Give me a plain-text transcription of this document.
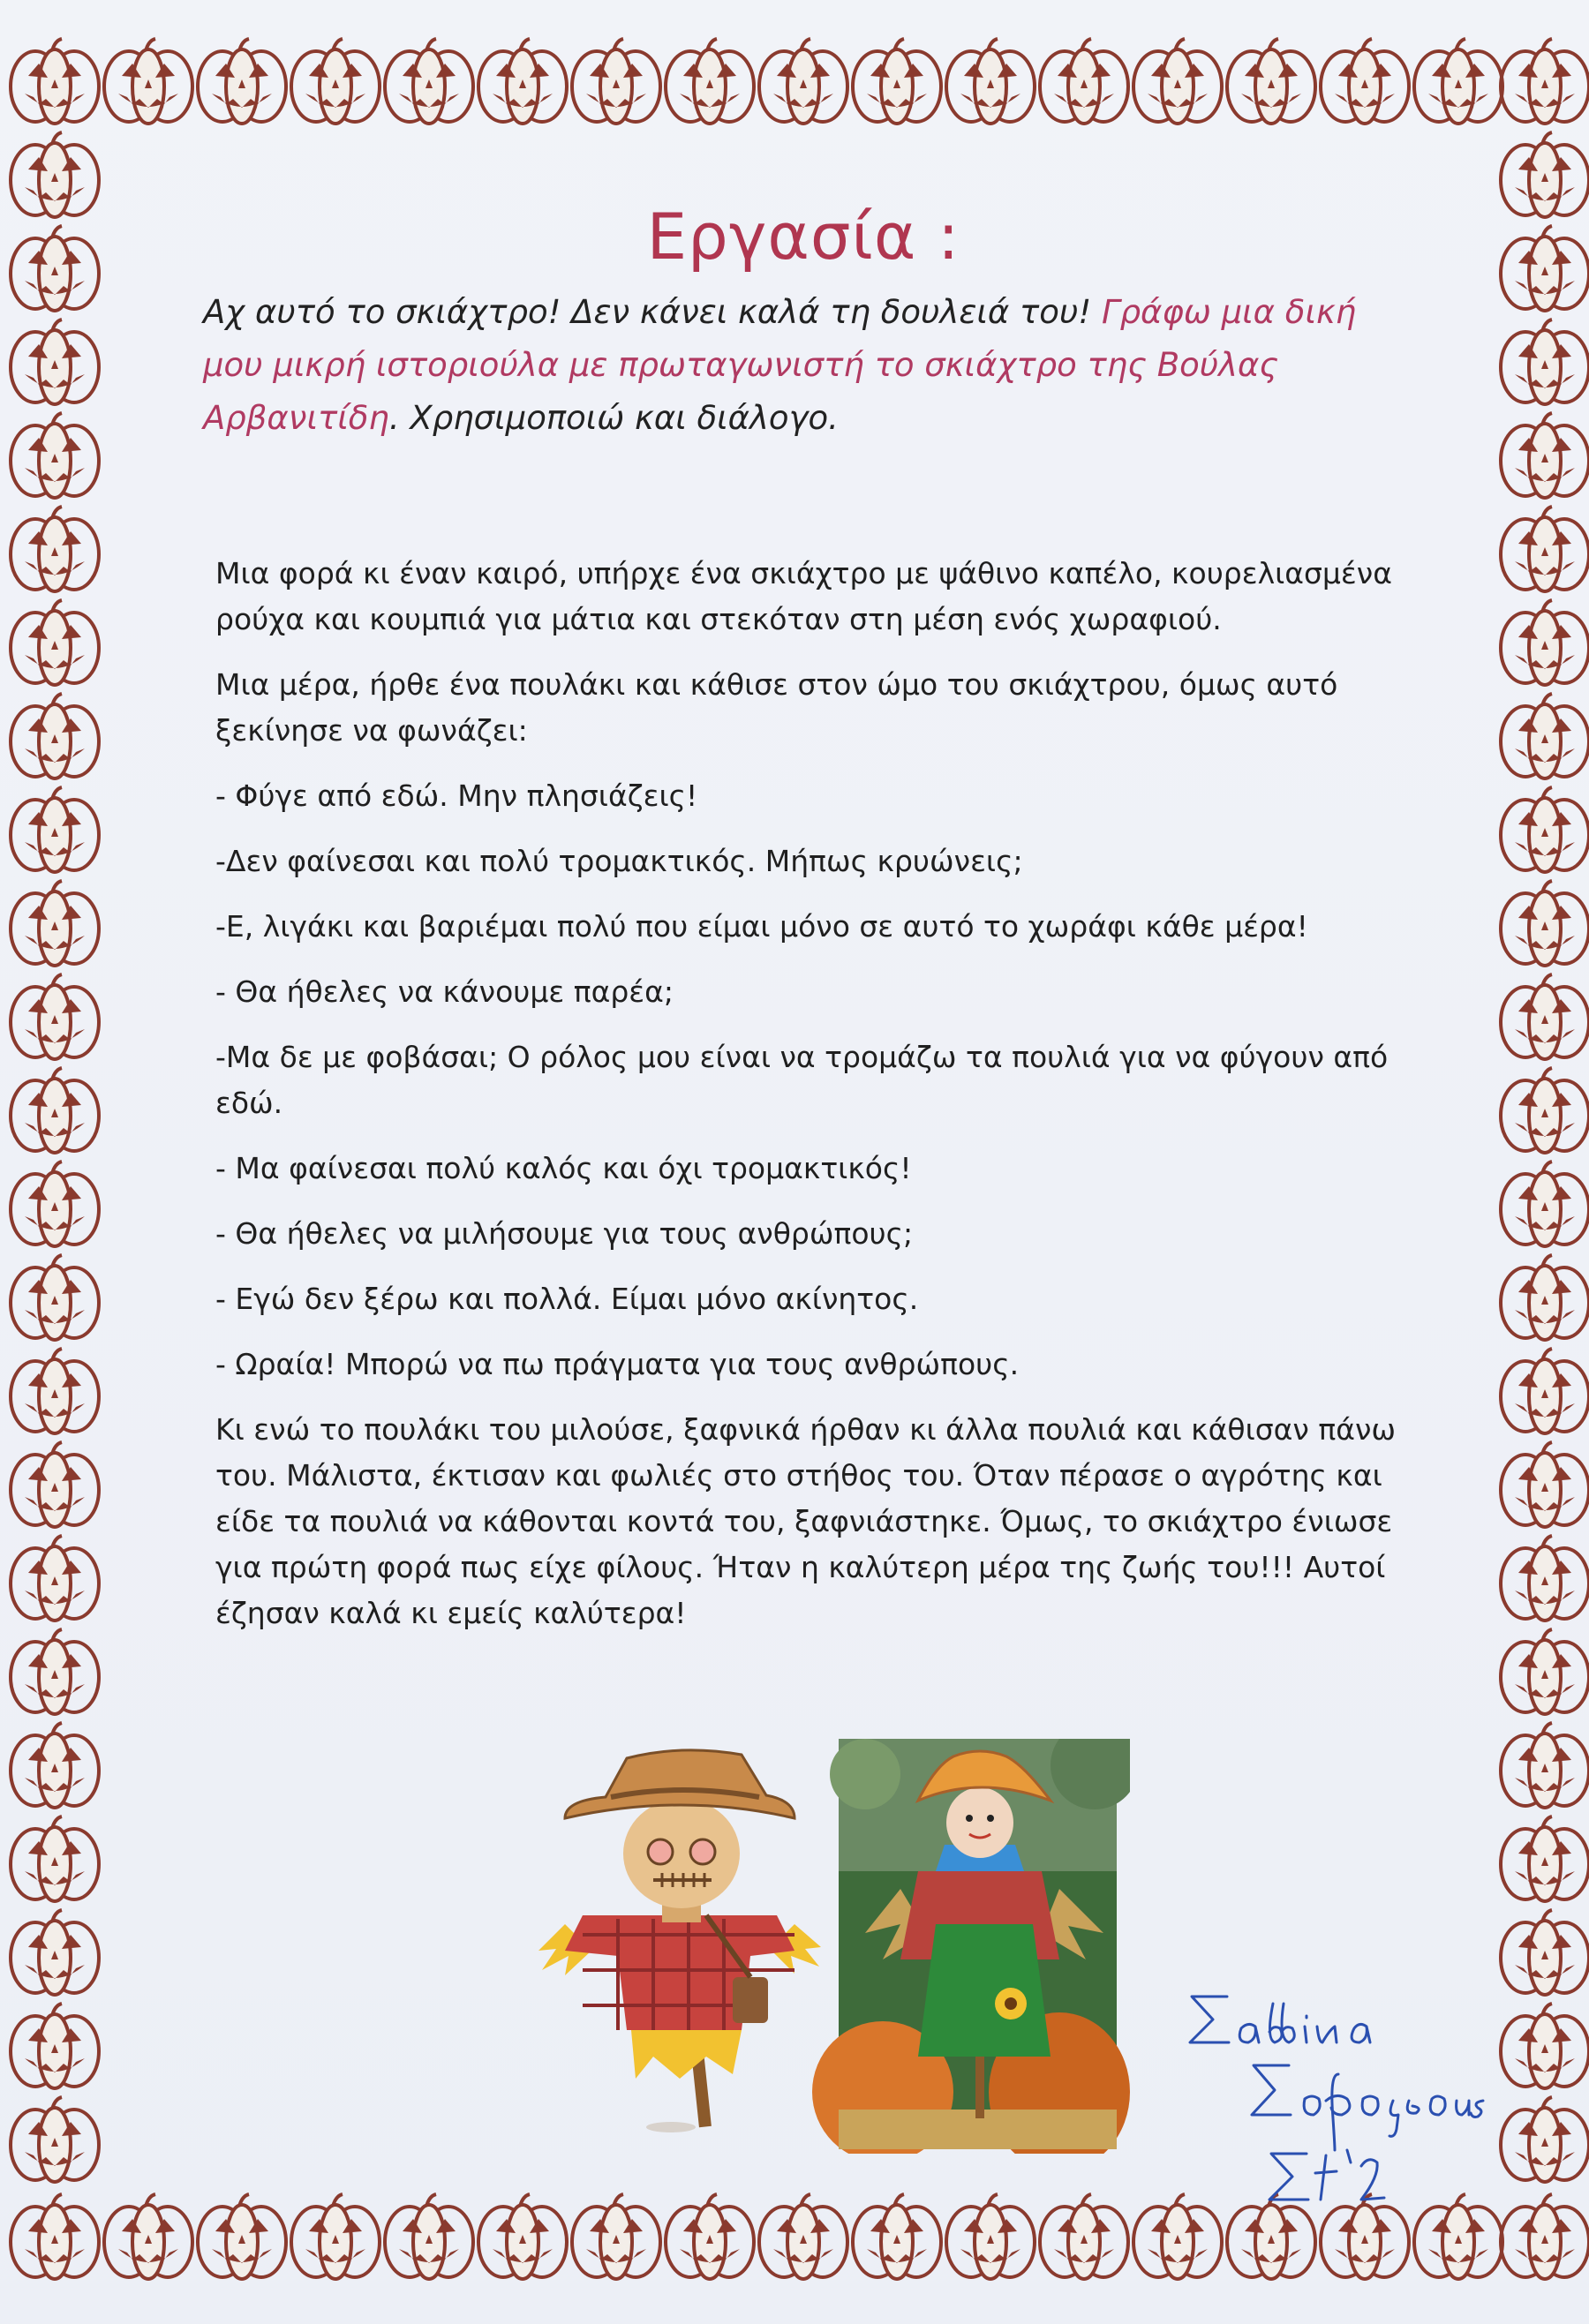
Εργασία :
Αχ αυτό το σκιάχτρο! Δεν κάνει καλά τη δουλειά του! Γράφω μια δική μου μικρή ιστοριούλα με πρωταγωνιστή το σκιάχτρο της Βούλας Αρβανιτίδη. Χρησιμοποιώ και διάλογο.

Μια φορά κι έναν καιρό, υπήρχε ένα σκιάχτρο με ψάθινο καπέλο, κουρελιασμένα ρούχα και κουμπιά για μάτια και στεκόταν στη μέση ενός χωραφιού.

Μια μέρα, ήρθε ένα πουλάκι και κάθισε στον ώμο του σκιάχτρου, όμως αυτό ξεκίνησε να φωνάζει:

- Φύγε από εδώ. Μην πλησιάζεις!

-Δεν φαίνεσαι και πολύ τρομακτικός. Μήπως κρυώνεις;

-Ε, λιγάκι και βαριέμαι πολύ που είμαι μόνο σε αυτό το χωράφι κάθε μέρα!

- Θα ήθελες να κάνουμε παρέα;

-Μα δε με φοβάσαι; Ο ρόλος μου είναι να τρομάζω τα πουλιά για να φύγουν από εδώ.

- Μα φαίνεσαι πολύ καλός και όχι τρομακτικός!

- Θα ήθελες να μιλήσουμε για τους ανθρώπους;

- Εγώ δεν ξέρω και πολλά. Είμαι μόνο ακίνητος.

- Ωραία! Μπορώ να πω πράγματα για τους ανθρώπους.

Κι ενώ το πουλάκι του μιλούσε, ξαφνικά ήρθαν κι άλλα πουλιά και κάθισαν πάνω του. Μάλιστα, έκτισαν και φωλιές στο στήθος του. Όταν πέρασε ο αγρότης και είδε τα πουλιά να κάθονται κοντά του, ξαφνιάστηκε. Όμως, το σκιάχτρο ένιωσε για πρώτη φορά πως είχε φίλους. Ήταν η καλύτερη μέρα της ζωής του!!! Αυτοί έζησαν καλά κι εμείς καλύτερα!
